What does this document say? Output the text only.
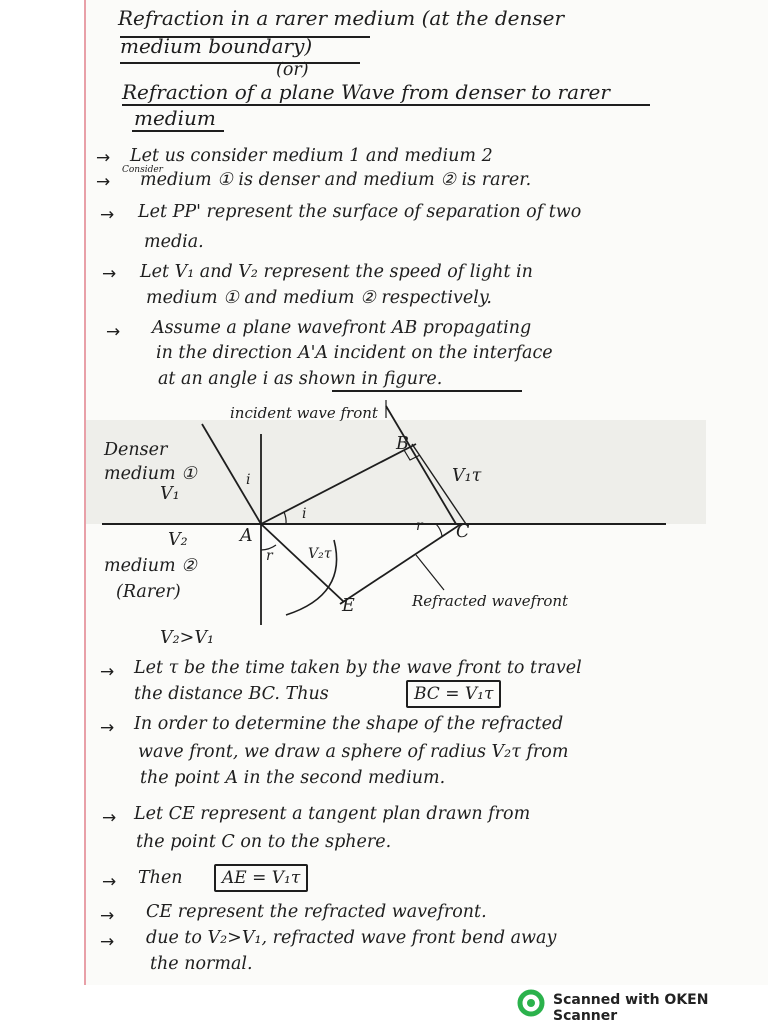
Refraction in a rarer medium (at the denser
medium boundary)
(or)
Refraction of a plane Wave from denser to rarer
medium
→ Let us consider medium 1 and medium 2
Consider
→ medium ① is denser and medium ② is rarer.
→ Let PP' represent the surface of separation of two
media.
→ Let V₁ and V₂ represent the speed of light in
medium ① and medium ② respectively.
→ Assume a plane wavefront AB propagating
in the direction A'A incident on the interface
at an angle i as shown in figure.
incident wave front
Denser
medium ①
V₁
V₂
medium ②
(Rarer)
A
B
C
E
i
i
r
r
V₁τ
V₂τ
Refracted wavefront
V₂>V₁
→ Let τ be the time taken by the wave front to travel
the distance BC. Thus	BC = V₁τ
→ In order to determine the shape of the refracted
wave front, we draw a sphere of radius V₂τ from
the point A in the second medium.
→ Let CE represent a tangent plan drawn from
the point C on to the sphere.
→ Then	AE = V₁τ
→ CE represent the refracted wavefront.
→ due to V₂>V₁, refracted wave front bend away
the normal.
Scanned with OKEN Scanner
